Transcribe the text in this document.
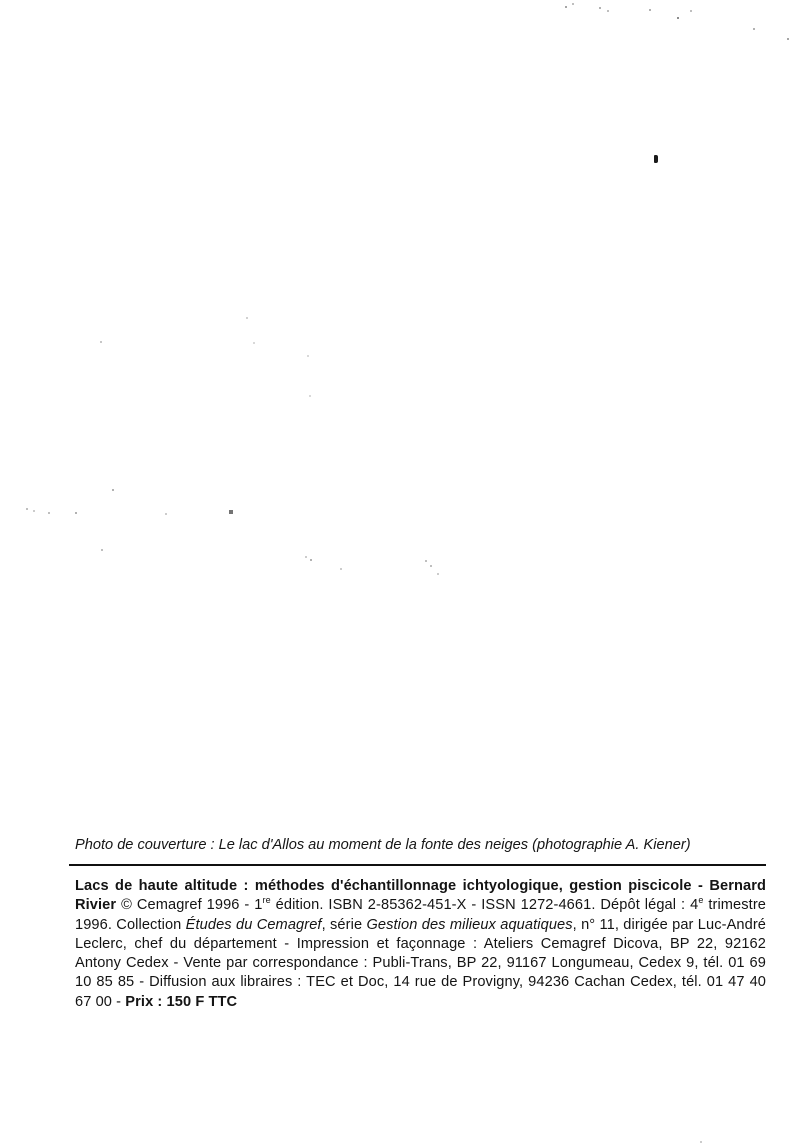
Photo de couverture : Le lac d'Allos au moment de la fonte des neiges (photographie A. Kiener)

Lacs de haute altitude : méthodes d'échantillonnage ichtyologique, gestion piscicole - Bernard Rivier © Cemagref 1996 - 1re édition. ISBN 2-85362-451-X - ISSN 1272-4661. Dépôt légal : 4e trimestre 1996. Collection Études du Cemagref, série Gestion des milieux aquatiques, n° 11, dirigée par Luc-André Leclerc, chef du département - Impression et façonnage : Ateliers Cemagref Dicova, BP 22, 92162 Antony Cedex - Vente par correspondance : Publi-Trans, BP 22, 91167 Longumeau, Cedex 9, tél. 01 69 10 85 85 - Diffusion aux libraires : TEC et Doc, 14 rue de Provigny, 94236 Cachan Cedex, tél. 01 47 40 67 00 - Prix : 150 F TTC
